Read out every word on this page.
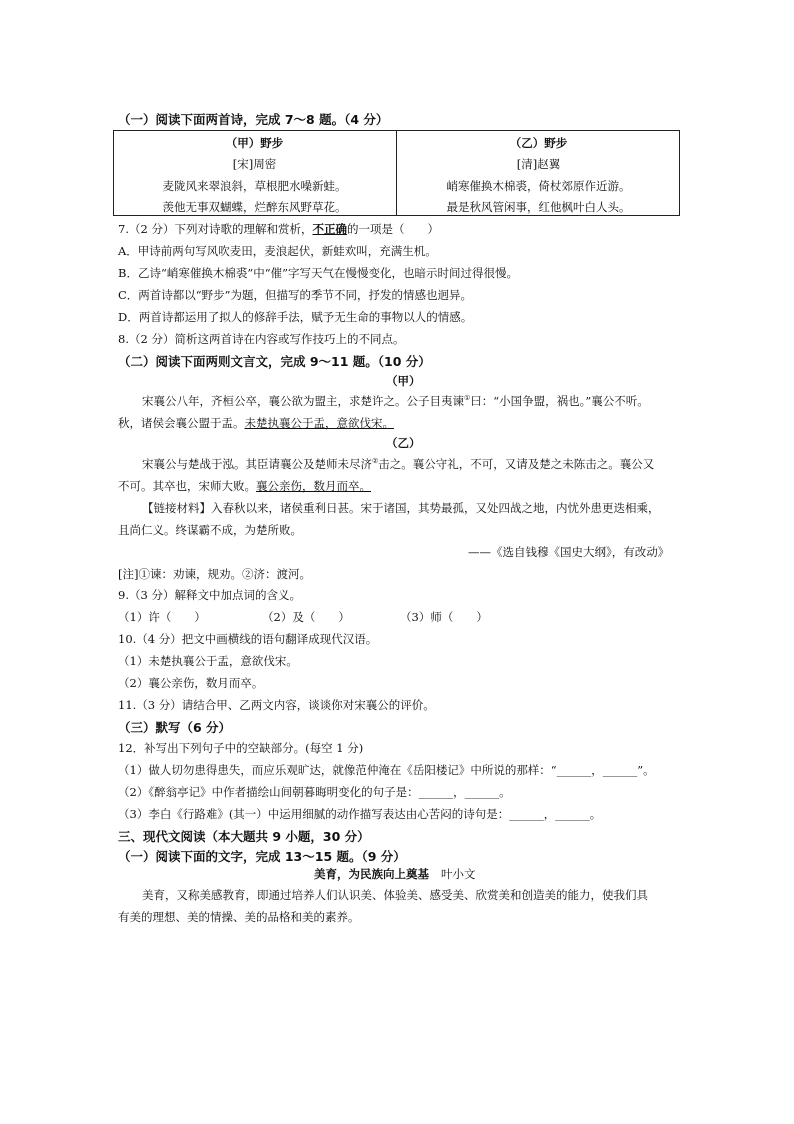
（一）阅读下面两首诗，完成 7～8 题。（4 分）
（甲）野步
[宋]周密
麦陇风来翠浪斜，草根肥水噪新蛙。
羡他无事双蝴蝶，烂醉东风野草花。
（乙）野步
[清]赵翼
峭寒催换木棉裘，倚杖郊原作近游。
最是秋风管闲事，红他枫叶白人头。
7.（2 分）下列对诗歌的理解和赏析，不正确的一项是（　　）
A．甲诗前两句写风吹麦田，麦浪起伏，新蛙欢叫，充满生机。
B．乙诗“峭寒催换木棉裘”中“催”字写天气在慢慢变化，也暗示时间过得很慢。
C．两首诗都以“野步”为题，但描写的季节不同，抒发的情感也迥异。
D．两首诗都运用了拟人的修辞手法，赋予无生命的事物以人的情感。
8.（2 分）简析这两首诗在内容或写作技巧上的不同点。
（二）阅读下面两则文言文，完成 9～11 题。（10 分）
（甲）
宋襄公八年，齐桓公卒，襄公欲为盟主，求楚许之。公子目夷谏①曰：“小国争盟，祸也。”襄公不听。
秋，诸侯会襄公盟于盂。未楚执襄公于盂，意欲伐宋。
（乙）
宋襄公与楚战于泓。其臣请襄公及楚师未尽济②击之。襄公守礼，不可，又请及楚之未陈击之。襄公又
不可。其卒也，宋师大败。襄公亲伤，数月而卒。
【链接材料】入春秋以来，诸侯重利日甚。宋于诸国，其势最孤，又处四战之地，内忧外患更迭相乘，
且尚仁义。终谋霸不成，为楚所败。
——《选自钱穆《国史大纲》，有改动》
[注]①谏：劝谏，规劝。②济：渡河。
9.（3 分）解释文中加点词的含义。
（1）许（　　）	（2）及（　　）	（3）师（　　）
10.（4 分）把文中画横线的语句翻译成现代汉语。
（1）未楚执襄公于盂，意欲伐宋。
（2）襄公亲伤，数月而卒。
11.（3 分）请结合甲、乙两文内容，谈谈你对宋襄公的评价。
（三）默写（6 分）
12．补写出下列句子中的空缺部分。(每空 1 分)
（1）做人切勿患得患失，而应乐观旷达，就像范仲淹在《岳阳楼记》中所说的那样：“______，______”。
（2）《醉翁亭记》中作者描绘山间朝暮晦明变化的句子是：______，______。
（3）李白《行路难》(其一）中运用细腻的动作描写表达由心苦闷的诗句是：______，______。
三、现代文阅读（本大题共 9 小题，30 分）
（一）阅读下面的文字，完成 13～15 题。（9 分）
美育，为民族向上奠基 叶小文
美育，又称美感教育，即通过培养人们认识美、体验美、感受美、欣赏美和创造美的能力，使我们具
有美的理想、美的情操、美的品格和美的素养。
